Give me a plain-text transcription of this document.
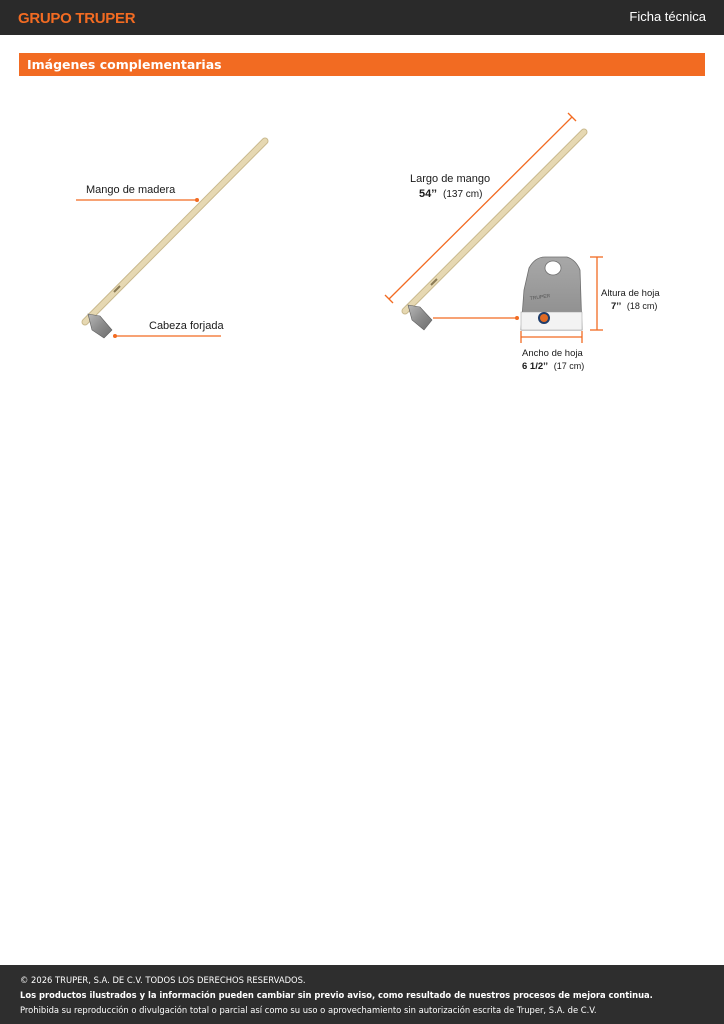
GRUPO TRUPER	Ficha técnica
Imágenes complementarias
Mango de madera
Cabeza forjada
Largo de mango
54’’ (137 cm)
TRUPER	Altura de hoja
7’’ (18 cm)
Ancho de hoja
6 1/2’’ (17 cm)

© 2026 TRUPER, S.A. DE C.V. TODOS LOS DERECHOS RESERVADOS.

Los productos ilustrados y la información pueden cambiar sin previo aviso, como resultado de nuestros procesos de mejora continua.

Prohibida su reproducción o divulgación total o parcial así como su uso o aprovechamiento sin autorización escrita de Truper, S.A. de C.V.
